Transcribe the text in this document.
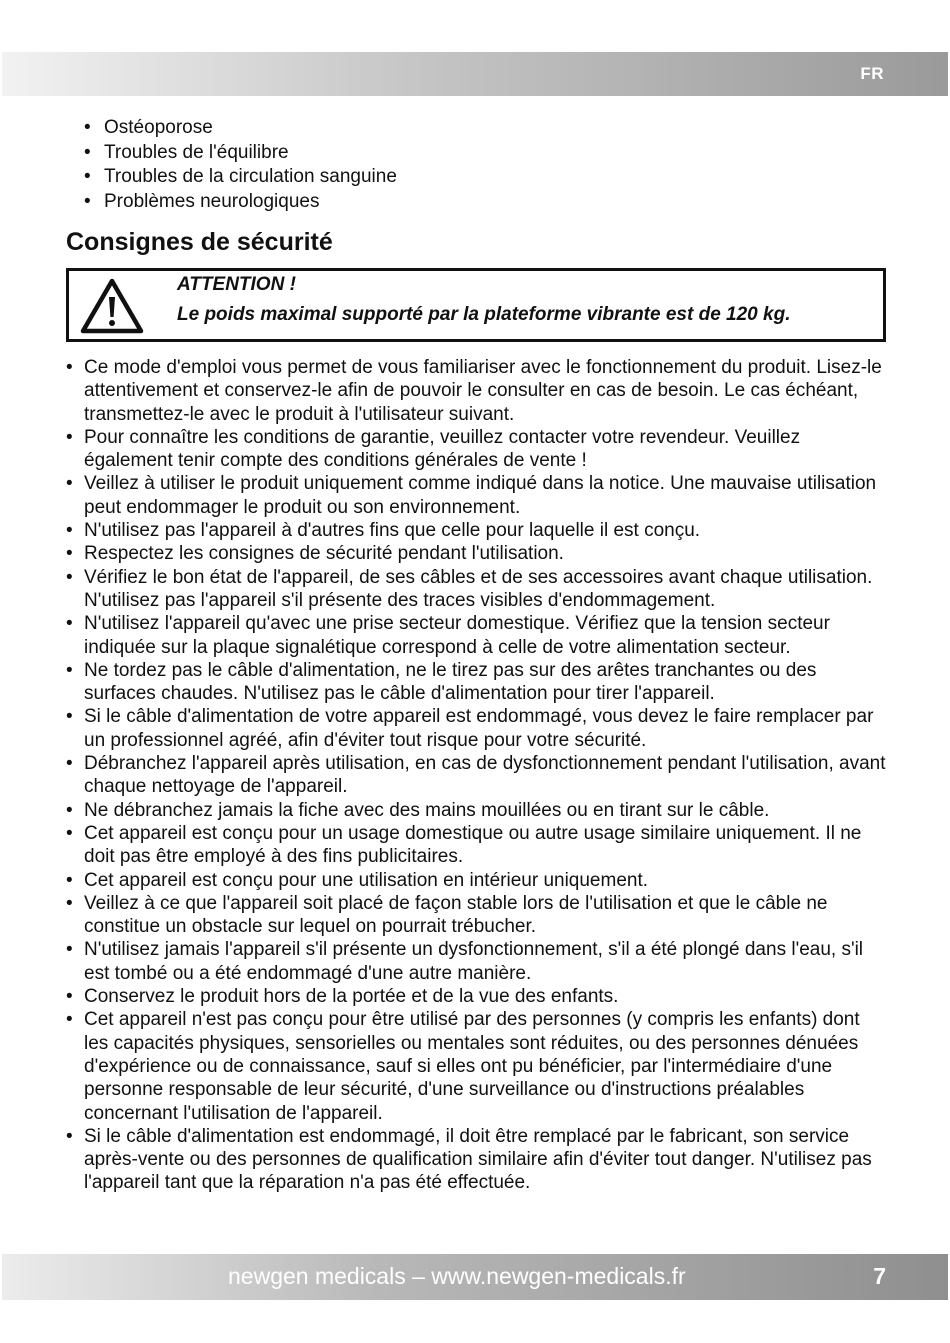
FR
• Ostéoporose
• Troubles de l'équilibre
• Troubles de la circulation sanguine
• Problèmes neurologiques
Consignes de sécurité
ATTENTION !
Le poids maximal supporté par la plateforme vibrante est de 120 kg.
• Ce mode d'emploi vous permet de vous familiariser avec le fonctionnement du produit. Lisez-le attentivement et conservez-le afin de pouvoir le consulter en cas de besoin. Le cas échéant, transmettez-le avec le produit à l'utilisateur suivant.
• Pour connaître les conditions de garantie, veuillez contacter votre revendeur. Veuillez également tenir compte des conditions générales de vente !
• Veillez à utiliser le produit uniquement comme indiqué dans la notice. Une mauvaise utilisation peut endommager le produit ou son environnement.
• N'utilisez pas l'appareil à d'autres fins que celle pour laquelle il est conçu.
• Respectez les consignes de sécurité pendant l'utilisation.
• Vérifiez le bon état de l'appareil, de ses câbles et de ses accessoires avant chaque utilisation. N'utilisez pas l'appareil s'il présente des traces visibles d'endommagement.
• N'utilisez l'appareil qu'avec une prise secteur domestique. Vérifiez que la tension secteur indiquée sur la plaque signalétique correspond à celle de votre alimentation secteur.
• Ne tordez pas le câble d'alimentation, ne le tirez pas sur des arêtes tranchantes ou des surfaces chaudes. N'utilisez pas le câble d'alimentation pour tirer l'appareil.
• Si le câble d'alimentation de votre appareil est endommagé, vous devez le faire remplacer par un professionnel agréé, afin d'éviter tout risque pour votre sécurité.
• Débranchez l'appareil après utilisation, en cas de dysfonctionnement pendant l'utilisation, avant chaque nettoyage de l'appareil.
• Ne débranchez jamais la fiche avec des mains mouillées ou en tirant sur le câble.
• Cet appareil est conçu pour un usage domestique ou autre usage similaire uniquement. Il ne doit pas être employé à des fins publicitaires.
• Cet appareil est conçu pour une utilisation en intérieur uniquement.
• Veillez à ce que l'appareil soit placé de façon stable lors de l'utilisation et que le câble ne constitue un obstacle sur lequel on pourrait trébucher.
• N'utilisez jamais l'appareil s'il présente un dysfonctionnement, s'il a été plongé dans l'eau, s'il est tombé ou a été endommagé d'une autre manière.
• Conservez le produit hors de la portée et de la vue des enfants.
• Cet appareil n'est pas conçu pour être utilisé par des personnes (y compris les enfants) dont les capacités physiques, sensorielles ou mentales sont réduites, ou des personnes dénuées d'expérience ou de connaissance, sauf si elles ont pu bénéficier, par l'intermédiaire d'une personne responsable de leur sécurité, d'une surveillance ou d'instructions préalables concernant l'utilisation de l'appareil.
• Si le câble d'alimentation est endommagé, il doit être remplacé par le fabricant, son service après-vente ou des personnes de qualification similaire afin d'éviter tout danger. N'utilisez pas l'appareil tant que la réparation n'a pas été effectuée.
newgen medicals – www.newgen-medicals.fr	7
